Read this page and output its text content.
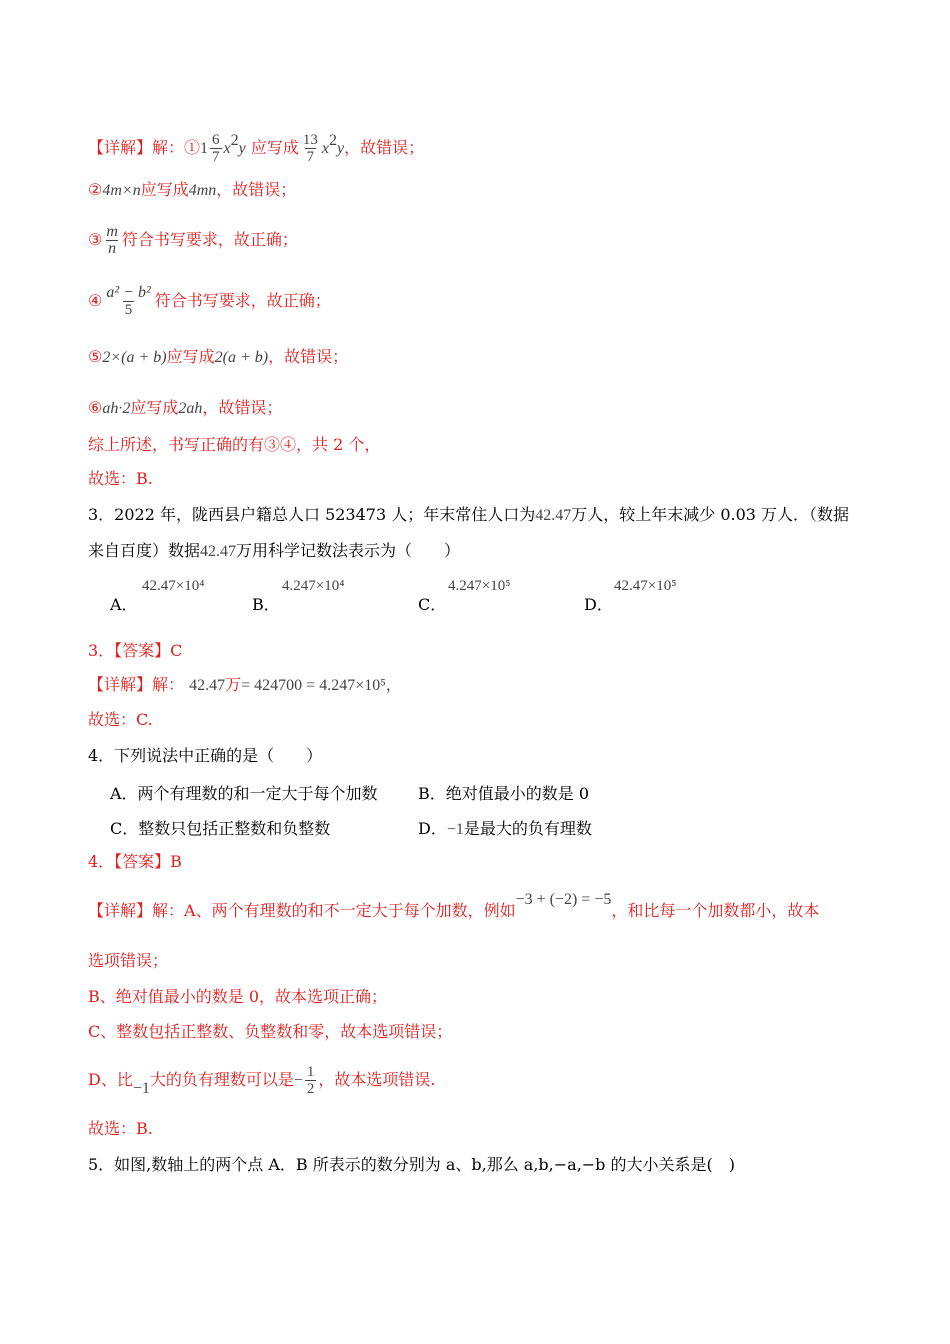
【详解】解：①1 $\frac{6}{7} x^2y$ 应写成 $\frac{13}{7} x^2y$，故错误；
②4m×n应写成4mn，故错误；
③ $\frac{m}{n}$ 符合书写要求，故正确；
④ $\frac{\text{a² − b²}}{5}$ 符合书写要求，故正确；
⑤2×(a + b)应写成2(a + b)，故错误；
⑥ah·2应写成2ah，故错误；
综上所述，书写正确的有③④，共 2 个，
故选：B.
3．2022 年，陇西县户籍总人口 523473 人；年末常住人口为42.47万人，较上年末减少 0.03 万人．（数据
来自百度）数据42.47万用科学记数法表示为（　　）
A．
42.47×10⁴
B．
4.247×10⁴
C．
4.247×10⁵
D．
42.47×10⁵
3．【答案】C
【详解】解： 42.47万= 424700 = 4.247×10⁵，
故选：C.
4．下列说法中正确的是（　　）
A．两个有理数的和一定大于每个加数	B．绝对值最小的数是 0
C．整数只包括正整数和负整数	D．−1是最大的负有理数
4．【答案】B
【详解】解：A、两个有理数的和不一定大于每个加数，例如−3 + (−2) = −5，和比每一个加数都小，故本
选项错误；
B、绝对值最小的数是 0，故本选项正确；
C、整数包括正整数、负整数和零，故本选项错误；
D、比−1大的负有理数可以是− $\frac{1}{2}$ ，故本选项错误.
故选：B.
5．如图,数轴上的两个点 A．B 所表示的数分别为 a、b,那么 a,b,−a,−b 的大小关系是(　)
